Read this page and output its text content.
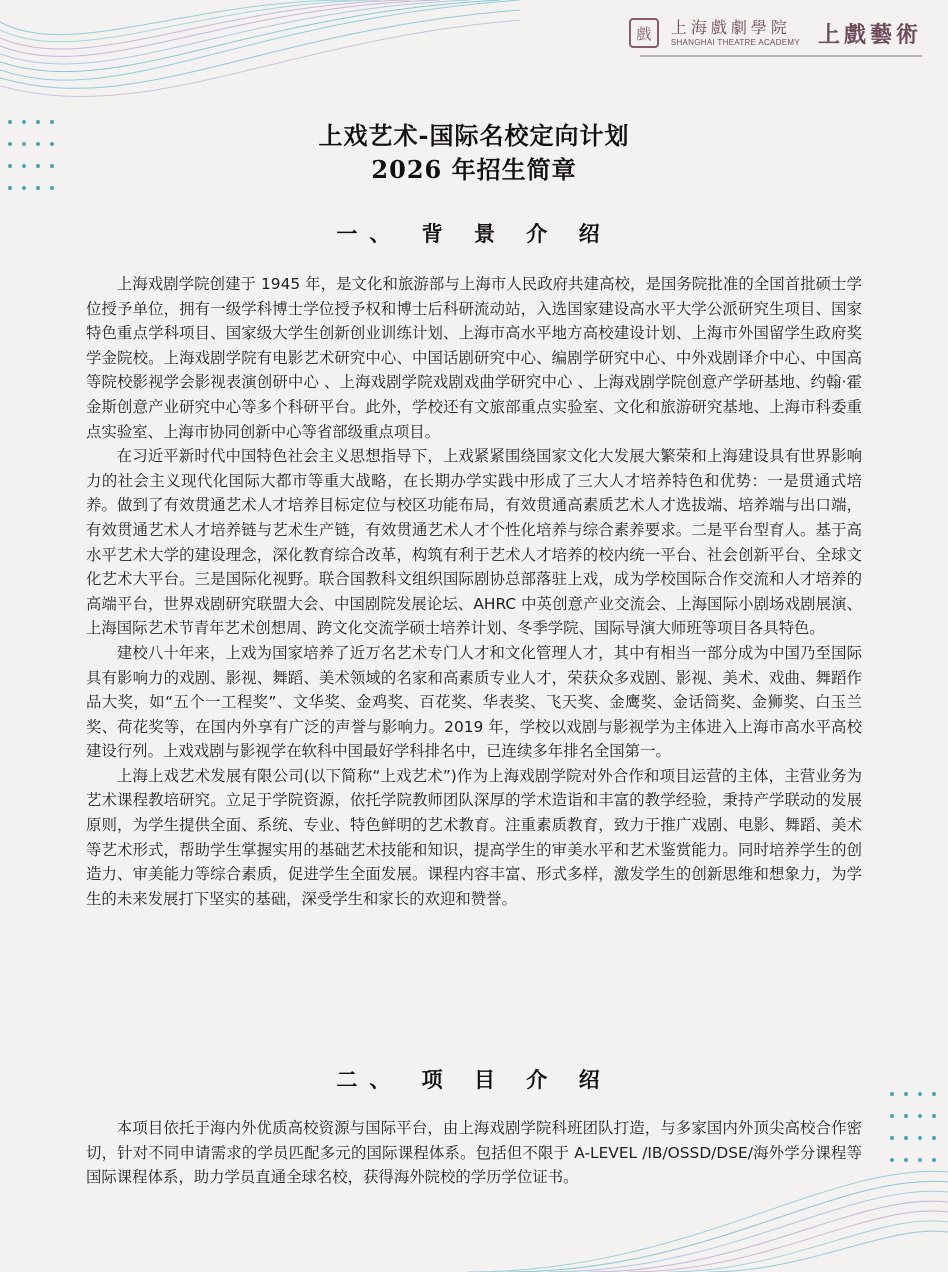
戲	上海戲劇學院
SHANGHAI THEATRE ACADEMY 上戲藝術
上戏艺术-国际名校定向计划
2026 年招生简章
一、 背 景 介 绍

上海戏剧学院创建于 1945 年，是文化和旅游部与上海市人民政府共建高校，是国务院批准的全国首批硕士学位授予单位，拥有一级学科博士学位授予权和博士后科研流动站，入选国家建设高水平大学公派研究生项目、国家特色重点学科项目、国家级大学生创新创业训练计划、上海市高水平地方高校建设计划、上海市外国留学生政府奖学金院校。上海戏剧学院有电影艺术研究中心、中国话剧研究中心、编剧学研究中心、中外戏剧译介中心、中国高等院校影视学会影视表演创研中心 、上海戏剧学院戏剧戏曲学研究中心 、上海戏剧学院创意产学研基地、约翰·霍金斯创意产业研究中心等多个科研平台。此外，学校还有文旅部重点实验室、文化和旅游研究基地、上海市科委重点实验室、上海市协同创新中心等省部级重点项目。

在习近平新时代中国特色社会主义思想指导下，上戏紧紧围绕国家文化大发展大繁荣和上海建设具有世界影响力的社会主义现代化国际大都市等重大战略，在长期办学实践中形成了三大人才培养特色和优势：一是贯通式培养。做到了有效贯通艺术人才培养目标定位与校区功能布局，有效贯通高素质艺术人才选拔端、培养端与出口端，有效贯通艺术人才培养链与艺术生产链，有效贯通艺术人才个性化培养与综合素养要求。二是平台型育人。基于高水平艺术大学的建设理念，深化教育综合改革，构筑有利于艺术人才培养的校内统一平台、社会创新平台、全球文化艺术大平台。三是国际化视野。联合国教科文组织国际剧协总部落驻上戏，成为学校国际合作交流和人才培养的高端平台，世界戏剧研究联盟大会、中国剧院发展论坛、AHRC 中英创意产业交流会、上海国际小剧场戏剧展演、上海国际艺术节青年艺术创想周、跨文化交流学硕士培养计划、冬季学院、国际导演大师班等项目各具特色。

建校八十年来，上戏为国家培养了近万名艺术专门人才和文化管理人才，其中有相当一部分成为中国乃至国际具有影响力的戏剧、影视、舞蹈、美术领域的名家和高素质专业人才，荣获众多戏剧、影视、美术、戏曲、舞蹈作品大奖，如“五个一工程奖”、文华奖、金鸡奖、百花奖、华表奖、飞天奖、金鹰奖、金话筒奖、金狮奖、白玉兰奖、荷花奖等，在国内外享有广泛的声誉与影响力。2019 年，学校以戏剧与影视学为主体进入上海市高水平高校建设行列。上戏戏剧与影视学在软科中国最好学科排名中，已连续多年排名全国第一。

上海上戏艺术发展有限公司(以下简称“上戏艺术”)作为上海戏剧学院对外合作和项目运营的主体，主营业务为艺术课程教培研究。立足于学院资源，依托学院教师团队深厚的学术造诣和丰富的教学经验，秉持产学联动的发展原则，为学生提供全面、系统、专业、特色鲜明的艺术教育。注重素质教育，致力于推广戏剧、电影、舞蹈、美术等艺术形式，帮助学生掌握实用的基础艺术技能和知识，提高学生的审美水平和艺术鉴赏能力。同时培养学生的创造力、审美能力等综合素质，促进学生全面发展。课程内容丰富、形式多样，激发学生的创新思维和想象力，为学生的未来发展打下坚实的基础，深受学生和家长的欢迎和赞誉。

二、 项 目 介 绍

本项目依托于海内外优质高校资源与国际平台，由上海戏剧学院科班团队打造，与多家国内外顶尖高校合作密切，针对不同申请需求的学员匹配多元的国际课程体系。包括但不限于 A-LEVEL /IB/OSSD/DSE/海外学分课程等国际课程体系，助力学员直通全球名校，获得海外院校的学历学位证书。
